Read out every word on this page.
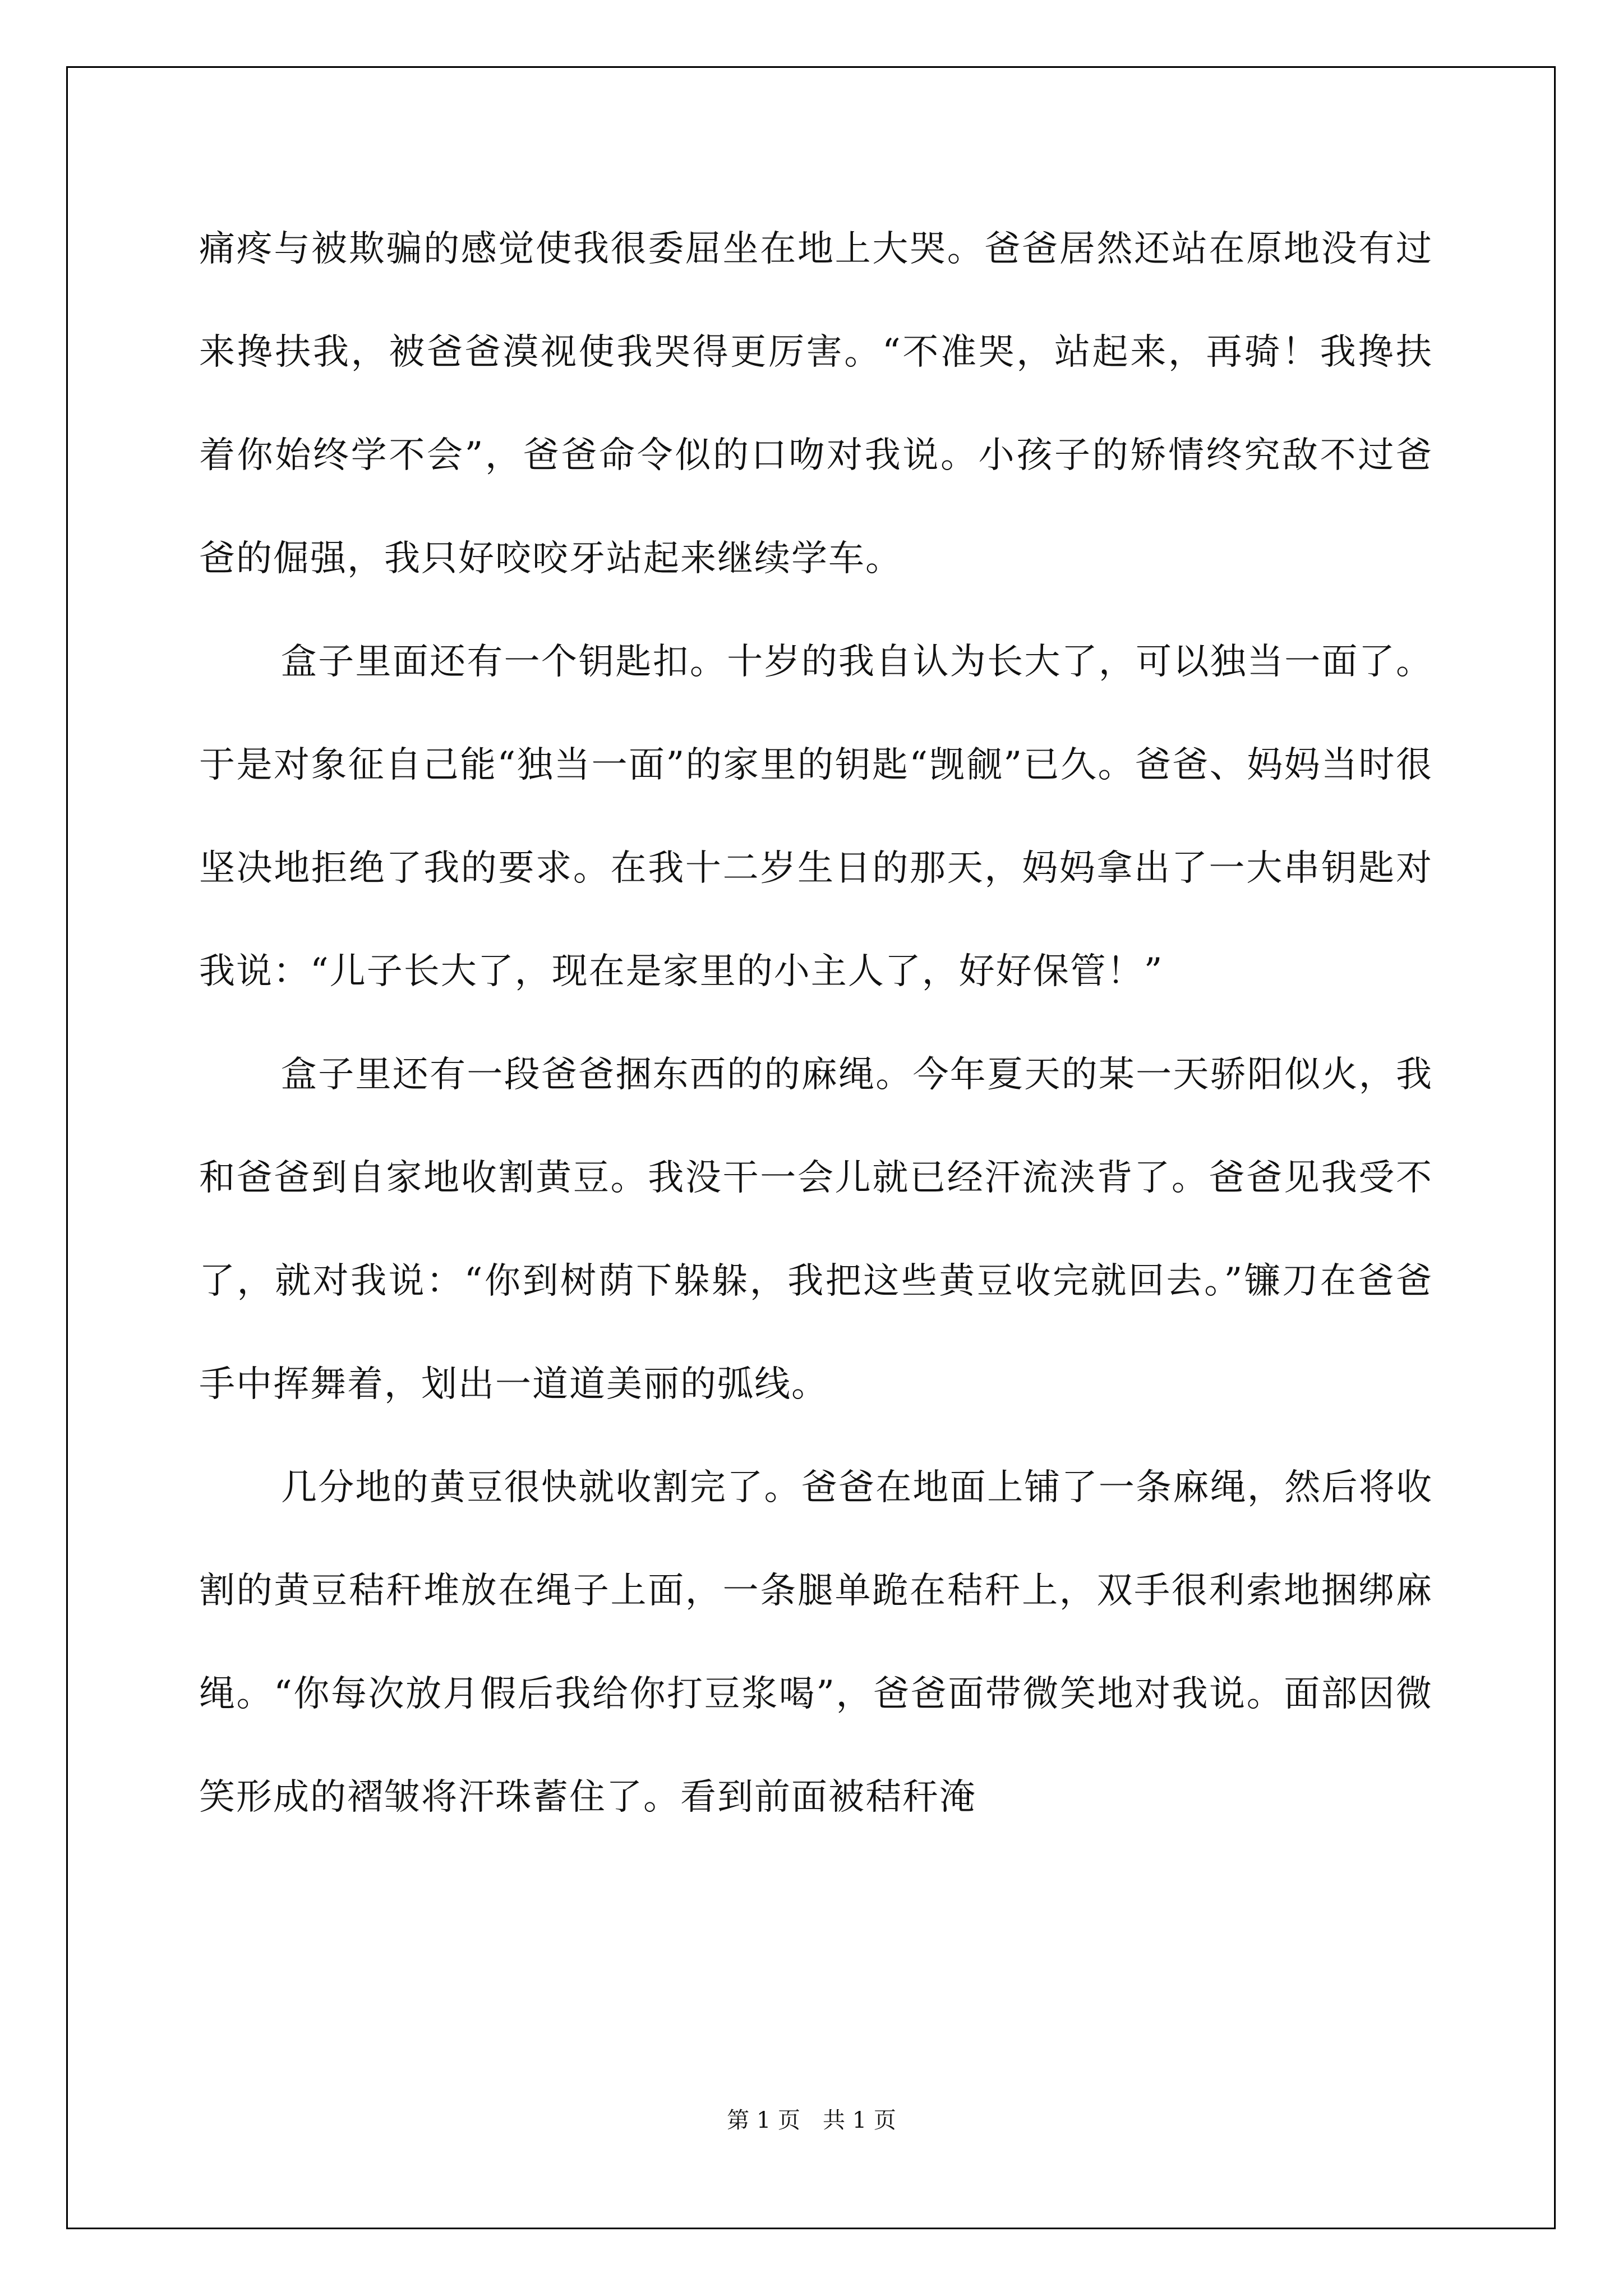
痛疼与被欺骗的感觉使我很委屈坐在地上大哭。爸爸居然还站在原地没有过来搀扶我，被爸爸漠视使我哭得更厉害。“不准哭，站起来，再骑！我搀扶着你始终学不会”，爸爸命令似的口吻对我说。小孩子的矫情终究敌不过爸爸的倔强，我只好咬咬牙站起来继续学车。

盒子里面还有一个钥匙扣。十岁的我自认为长大了，可以独当一面了。于是对象征自己能“独当一面”的家里的钥匙“觊觎”已久。爸爸、妈妈当时很坚决地拒绝了我的要求。在我十二岁生日的那天，妈妈拿出了一大串钥匙对我说：“儿子长大了，现在是家里的小主人了，好好保管！”

盒子里还有一段爸爸捆东西的的麻绳。今年夏天的某一天骄阳似火，我和爸爸到自家地收割黄豆。我没干一会儿就已经汗流浃背了。爸爸见我受不了，就对我说：“你到树荫下躲躲，我把这些黄豆收完就回去。”镰刀在爸爸手中挥舞着，划出一道道美丽的弧线。

几分地的黄豆很快就收割完了。爸爸在地面上铺了一条麻绳，然后将收割的黄豆秸秆堆放在绳子上面，一条腿单跪在秸秆上，双手很利索地捆绑麻绳。“你每次放月假后我给你打豆浆喝”，爸爸面带微笑地对我说。面部因微笑形成的褶皱将汗珠蓄住了。看到前面被秸秆淹

第 1 页　共 1 页
